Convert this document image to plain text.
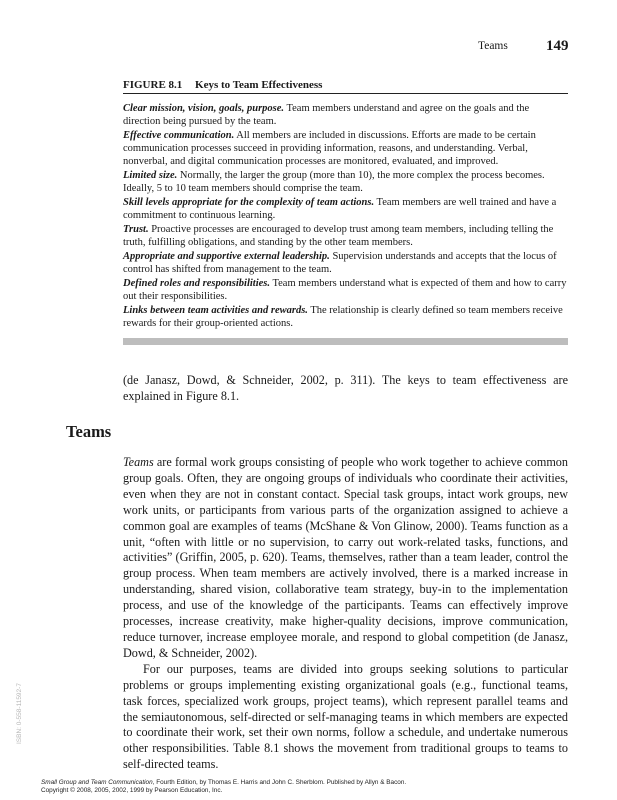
Teams	149
FIGURE 8.1 Keys to Team Effectiveness

Clear mission, vision, goals, purpose. Team members understand and agree on the goals and the direction being pursued by the team.

Effective communication. All members are included in discussions. Efforts are made to be certain communication processes succeed in providing information, reasons, and understanding. Verbal, nonverbal, and digital communication processes are monitored, evaluated, and improved.

Limited size. Normally, the larger the group (more than 10), the more complex the process becomes. Ideally, 5 to 10 team members should comprise the team.

Skill levels appropriate for the complexity of team actions. Team members are well trained and have a commitment to continuous learning.

Trust. Proactive processes are encouraged to develop trust among team members, including telling the truth, fulfilling obligations, and standing by the other team members.

Appropriate and supportive external leadership. Supervision understands and accepts that the locus of control has shifted from management to the team.

Defined roles and responsibilities. Team members understand what is expected of them and how to carry out their responsibilities.

Links between team activities and rewards. The relationship is clearly defined so team members receive rewards for their group-oriented actions.

(de Janasz, Dowd, & Schneider, 2002, p. 311). The keys to team effectiveness are explained in Figure 8.1.
Teams

Teams are formal work groups consisting of people who work together to achieve common group goals. Often, they are ongoing groups of individuals who coordinate their activities, even when they are not in constant contact. Special task groups, intact work groups, new work units, or participants from various parts of the organization assigned to achieve a common goal are examples of teams (McShane & Von Glinow, 2000). Teams function as a unit, “often with little or no supervision, to carry out work-related tasks, functions, and activities” (Griffin, 2005, p. 620). Teams, themselves, rather than a team leader, control the group process. When team members are actively involved, there is a marked increase in understanding, shared vision, collaborative team strategy, buy-in to the implementation process, and use of the knowledge of the participants. Teams can effectively improve processes, increase creativity, make higher-quality decisions, improve communication, reduce turnover, increase employee morale, and respond to global competition (de Janasz, Dowd, & Schneider, 2002).

For our purposes, teams are divided into groups seeking solutions to particular problems or groups implementing existing organizational goals (e.g., functional teams, task forces, specialized work groups, project teams), which represent parallel teams and the semiautonomous, self-directed or self-managing teams in which members are expected to coordinate their work, set their own norms, follow a schedule, and undertake numerous other responsibilities. Table 8.1 shows the movement from traditional groups to teams to self-directed teams.

ISBN: 0-558-11592-7
Small Group and Team Communication, Fourth Edition, by Thomas E. Harris and John C. Sherblom. Published by Allyn & Bacon.
Copyright © 2008, 2005, 2002, 1999 by Pearson Education, Inc.
